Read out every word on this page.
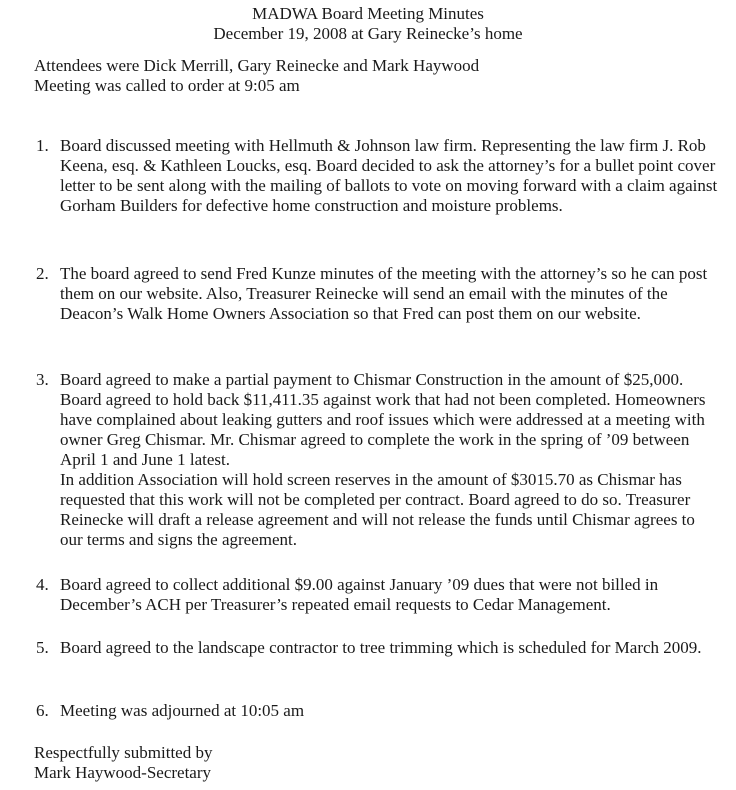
MADWA Board Meeting Minutes
December 19, 2008 at Gary Reinecke’s home
Attendees were Dick Merrill, Gary Reinecke and Mark Haywood
Meeting was called to order at 9:05 am
1. Board discussed meeting with Hellmuth & Johnson law firm. Representing the law firm J. Rob Keena, esq. & Kathleen Loucks, esq. Board decided to ask the attorney’s for a bullet point cover letter to be sent along with the mailing of ballots to vote on moving forward with a claim against Gorham Builders for defective home construction and moisture problems.

2. The board agreed to send Fred Kunze minutes of the meeting with the attorney’s so he can post them on our website. Also, Treasurer Reinecke will send an email with the minutes of the Deacon’s Walk Home Owners Association so that Fred can post them on our website.

3. Board agreed to make a partial payment to Chismar Construction in the amount of $25,000. Board agreed to hold back $11,411.35 against work that had not been completed. Homeowners have complained about leaking gutters and roof issues which were addressed at a meeting with owner Greg Chismar. Mr. Chismar agreed to complete the work in the spring of ’09 between April 1 and June 1 latest.

In addition Association will hold screen reserves in the amount of $3015.70 as Chismar has requested that this work will not be completed per contract. Board agreed to do so. Treasurer Reinecke will draft a release agreement and will not release the funds until Chismar agrees to our terms and signs the agreement.

4. Board agreed to collect additional $9.00 against January ’09 dues that were not billed in December’s ACH per Treasurer’s repeated email requests to Cedar Management.

5. Board agreed to the landscape contractor to tree trimming which is scheduled for March 2009.

6. Meeting was adjourned at 10:05 am

Respectfully submitted by
Mark Haywood-Secretary
